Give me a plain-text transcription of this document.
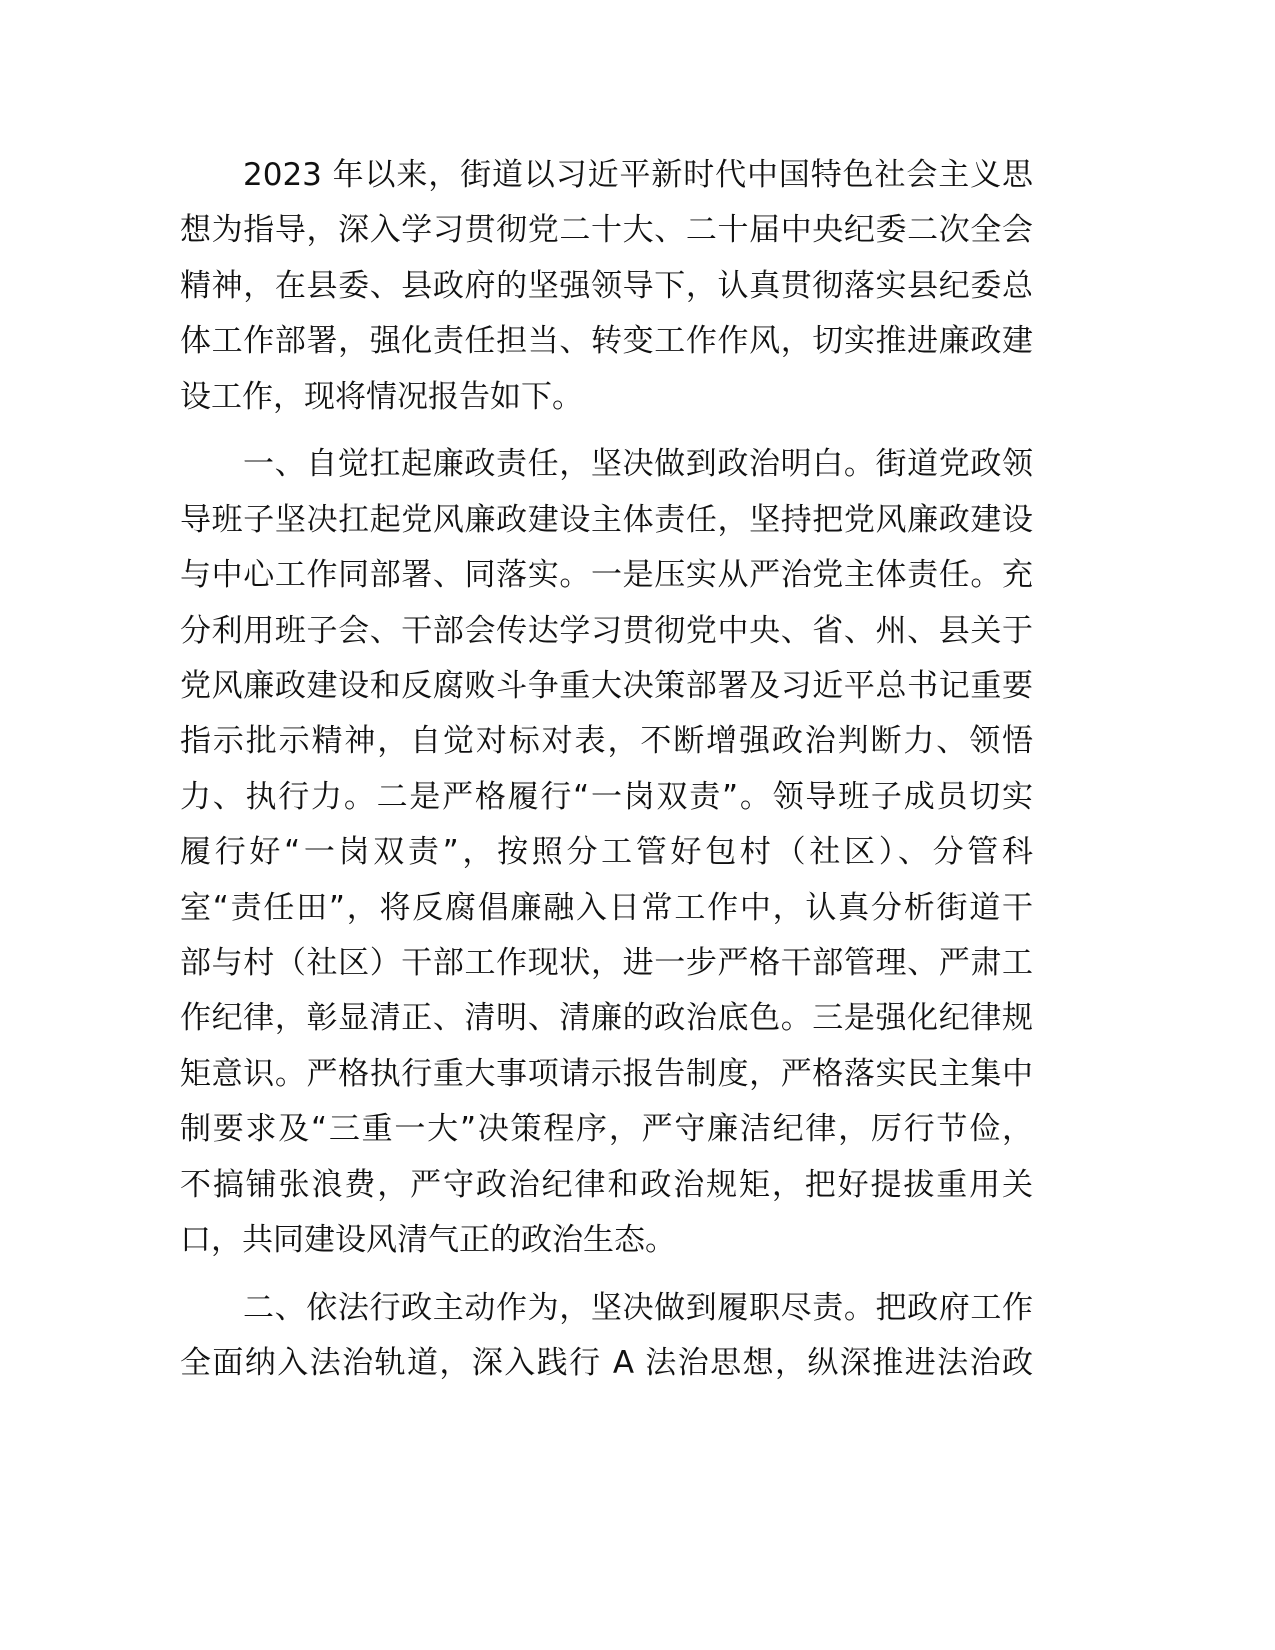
2023 年以来，街道以习近平新时代中国特色社会主义思
想为指导，深入学习贯彻党二十大、二十届中央纪委二次全会
精神，在县委、县政府的坚强领导下，认真贯彻落实县纪委总
体工作部署，强化责任担当、转变工作作风，切实推进廉政建
设工作，现将情况报告如下。
一、自觉扛起廉政责任，坚决做到政治明白。街道党政领
导班子坚决扛起党风廉政建设主体责任，坚持把党风廉政建设
与中心工作同部署、同落实。一是压实从严治党主体责任。充
分利用班子会、干部会传达学习贯彻党中央、省、州、县关于
党风廉政建设和反腐败斗争重大决策部署及习近平总书记重要
指示批示精神，自觉对标对表，不断增强政治判断力、领悟
力、执行力。二是严格履行“一岗双责”。领导班子成员切实
履行好“一岗双责”，按照分工管好包村（社区）、分管科
室“责任田”，将反腐倡廉融入日常工作中，认真分析街道干
部与村（社区）干部工作现状，进一步严格干部管理、严肃工
作纪律，彰显清正、清明、清廉的政治底色。三是强化纪律规
矩意识。严格执行重大事项请示报告制度，严格落实民主集中
制要求及“三重一大”决策程序，严守廉洁纪律，厉行节俭，
不搞铺张浪费，严守政治纪律和政治规矩，把好提拔重用关
口，共同建设风清气正的政治生态。
二、依法行政主动作为，坚决做到履职尽责。把政府工作
全面纳入法治轨道，深入践行 A 法治思想，纵深推进法治政
